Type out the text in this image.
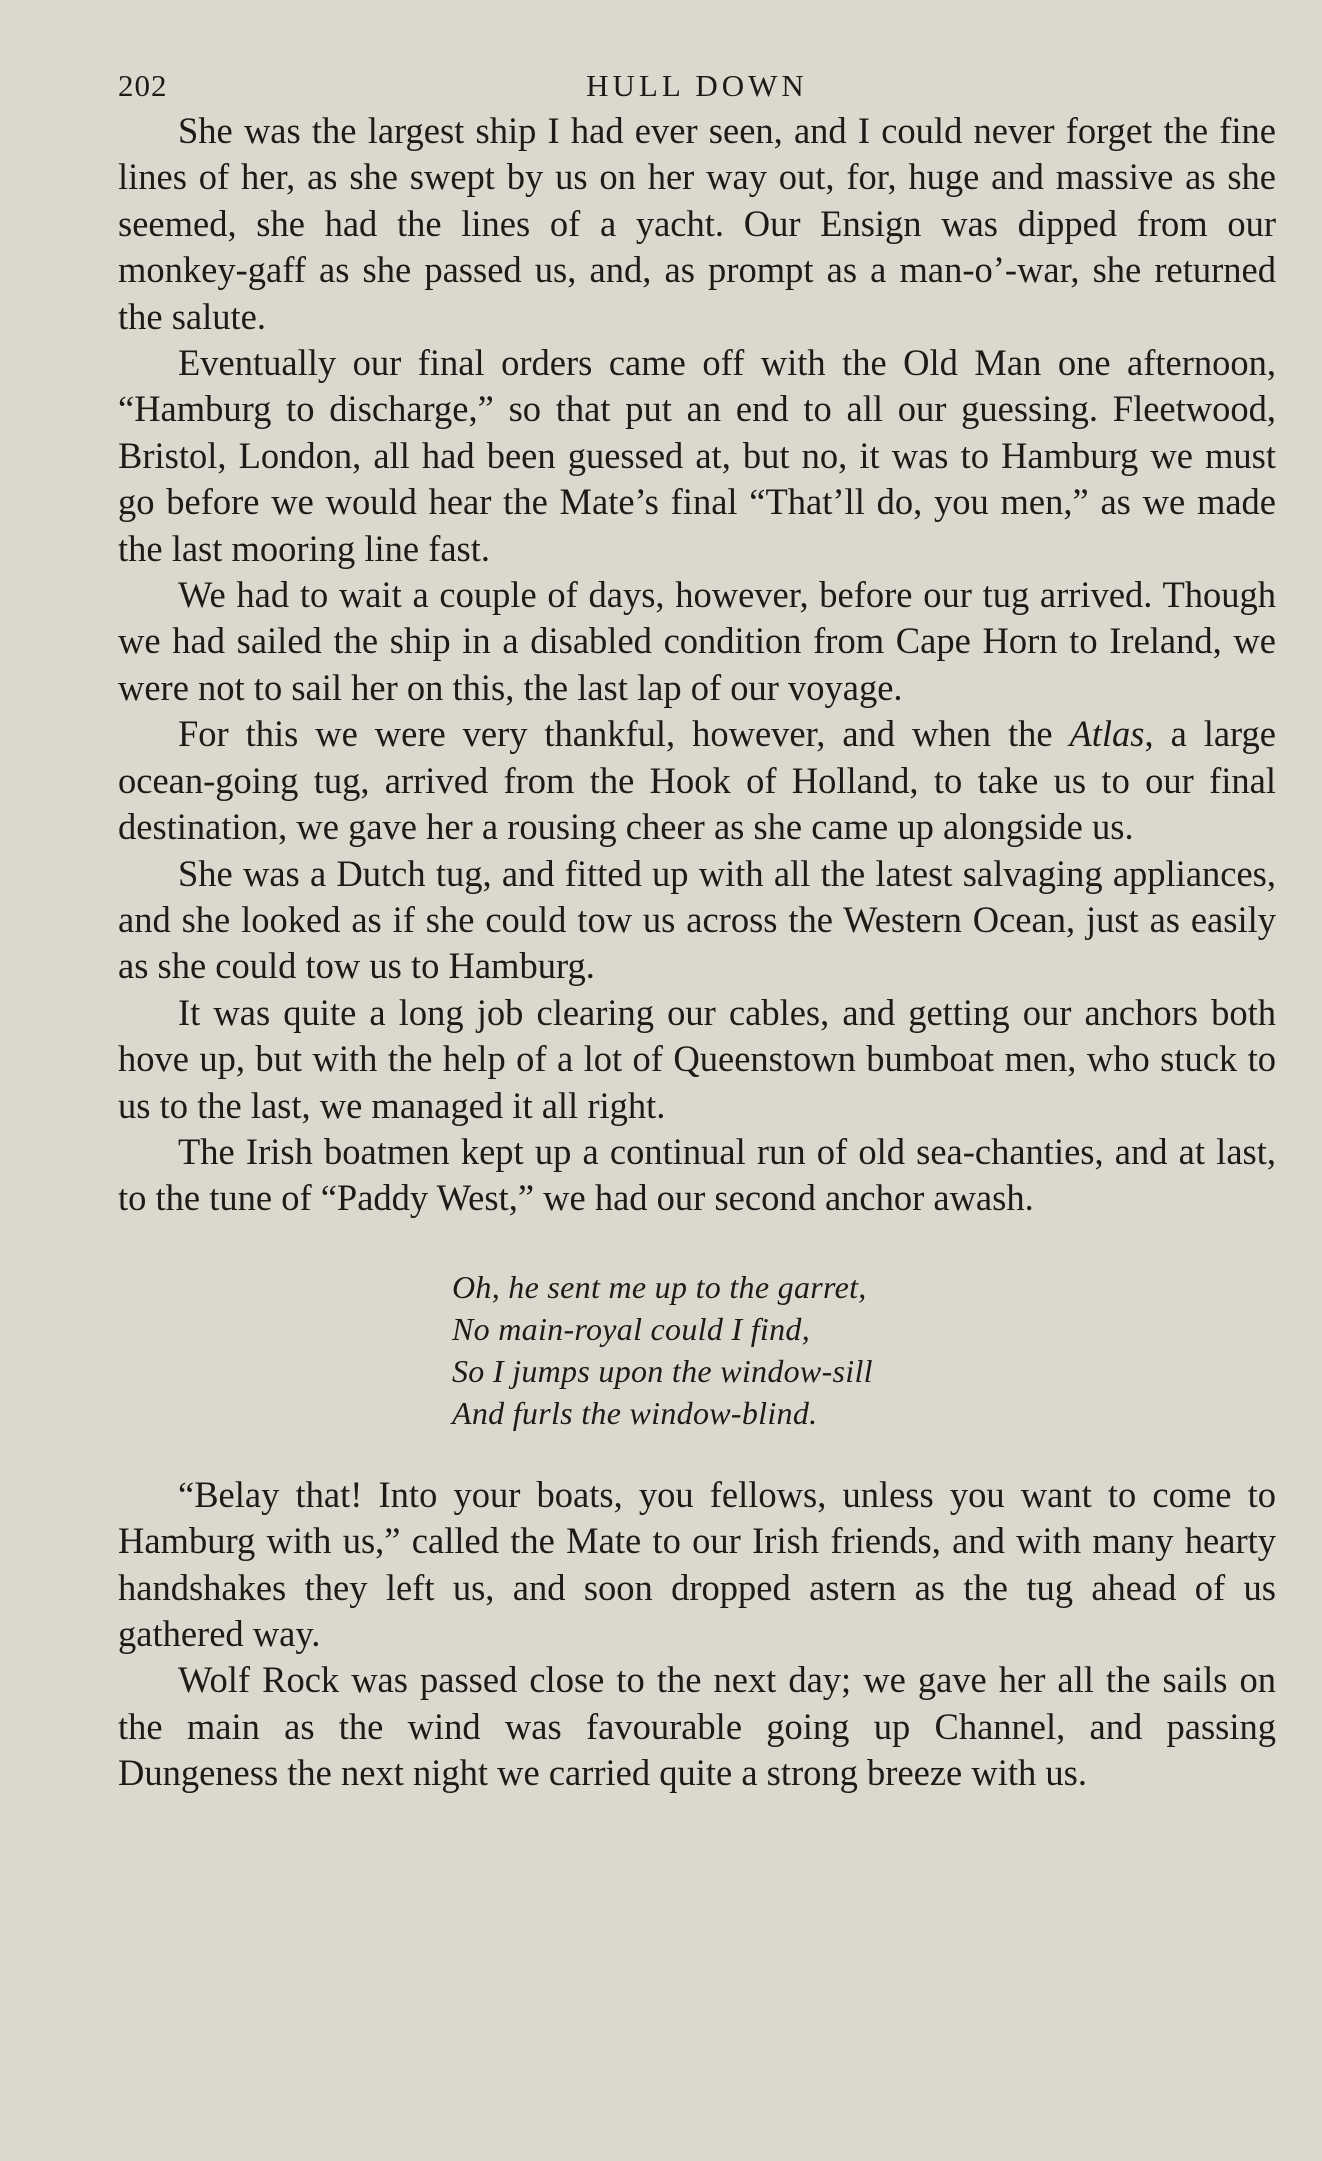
202	HULL DOWN

She was the largest ship I had ever seen, and I could never forget the fine lines of her, as she swept by us on her way out, for, huge and massive as she seemed, she had the lines of a yacht. Our Ensign was dipped from our monkey-gaff as she passed us, and, as prompt as a man-o’-war, she returned the salute.

Eventually our final orders came off with the Old Man one afternoon, “Hamburg to discharge,” so that put an end to all our guessing. Fleetwood, Bristol, London, all had been guessed at, but no, it was to Hamburg we must go before we would hear the Mate’s final “That’ll do, you men,” as we made the last mooring line fast.

We had to wait a couple of days, however, before our tug arrived. Though we had sailed the ship in a disabled condition from Cape Horn to Ireland, we were not to sail her on this, the last lap of our voyage.

For this we were very thankful, however, and when the Atlas, a large ocean-going tug, arrived from the Hook of Holland, to take us to our final destination, we gave her a rousing cheer as she came up alongside us.

She was a Dutch tug, and fitted up with all the latest salvaging appliances, and she looked as if she could tow us across the Western Ocean, just as easily as she could tow us to Hamburg.

It was quite a long job clearing our cables, and getting our anchors both hove up, but with the help of a lot of Queenstown bumboat men, who stuck to us to the last, we managed it all right.

The Irish boatmen kept up a continual run of old sea-chanties, and at last, to the tune of “Paddy West,” we had our second anchor awash.

Oh, he sent me up to the garret,
No main-royal could I find,
So I jumps upon the window-sill
And furls the window-blind.

“Belay that! Into your boats, you fellows, unless you want to come to Hamburg with us,” called the Mate to our Irish friends, and with many hearty handshakes they left us, and soon dropped astern as the tug ahead of us gathered way.

Wolf Rock was passed close to the next day; we gave her all the sails on the main as the wind was favourable going up Channel, and passing Dungeness the next night we carried quite a strong breeze with us.
